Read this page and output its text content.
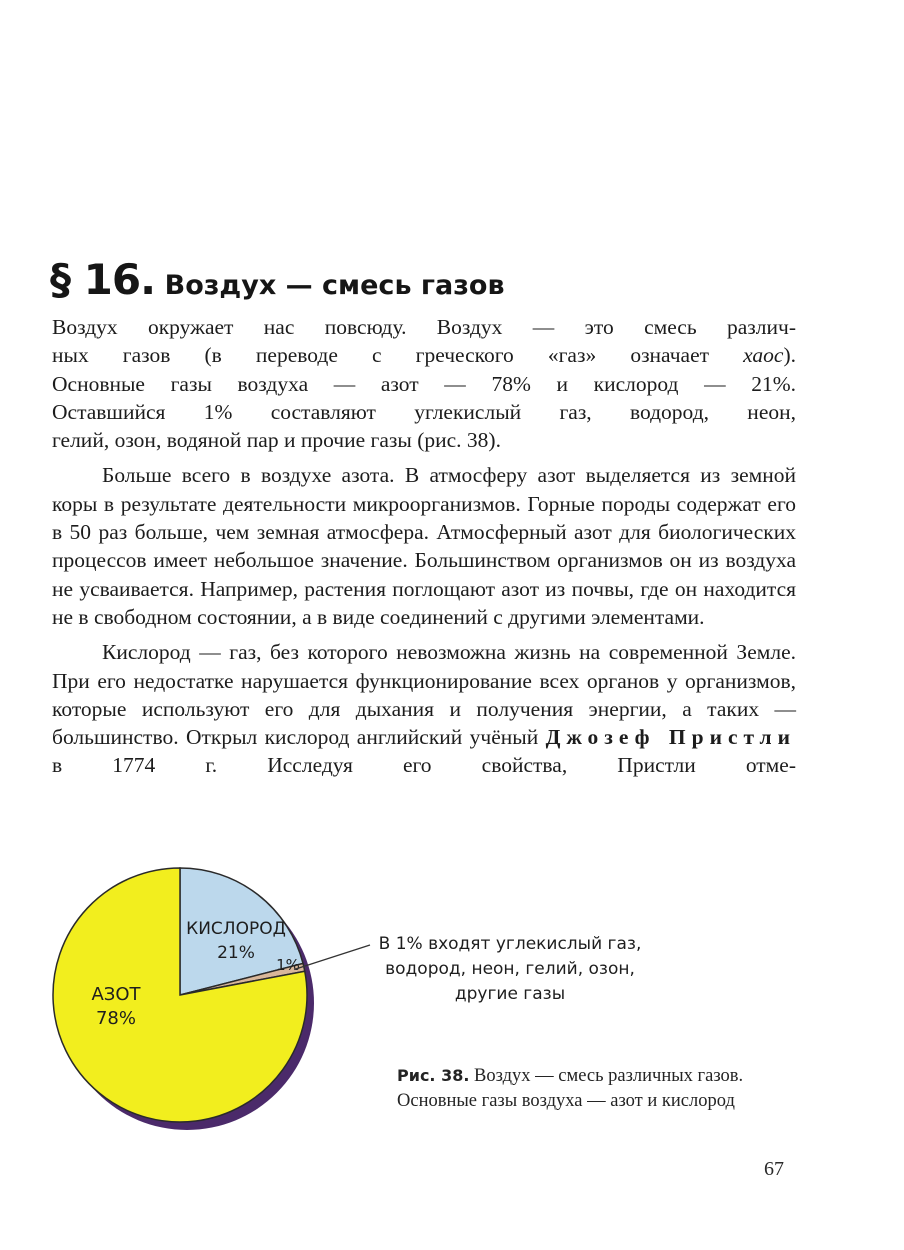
§ 16. Воздух — смесь газов

Воздух окружает нас повсюду. Воздух — это смесь различ-
ных газов (в переводе с греческого «газ» означает хаос).
Основные газы воздуха — азот — 78% и кислород — 21%.
Оставшийся 1% составляют углекислый газ, водород, неон,
гелий, озон, водяной пар и прочие газы (рис. 38).

Больше всего в воздухе азота. В атмосферу азот выделяется из земной коры в результате деятельности микроорганизмов. Горные породы содержат его в 50 раз больше, чем земная атмосфера. Атмосферный азот для биологических процессов имеет небольшое значение. Большинством организмов он из воздуха не усваивается. Например, растения поглощают азот из почвы, где он находится не в свободном состоянии, а в виде соединений с другими элементами.

Кислород — газ, без которого невозможна жизнь на современной Земле. При его недостатке нарушается функционирование всех органов у организмов, которые используют его для дыхания и получения энергии, а таких — большинство. Открыл кислород английский учёный Джозеф Пристли в 1774 г. Исследуя его свойства, Пристли отме-

КИСЛОРОД
21%
1%
АЗОТ
78%
В 1% входят углекислый газ,
водород, неон, гелий, озон,
другие газы
Рис. 38. Воздух — смесь различных газов. Основные газы воздуха — азот и кислород
67
